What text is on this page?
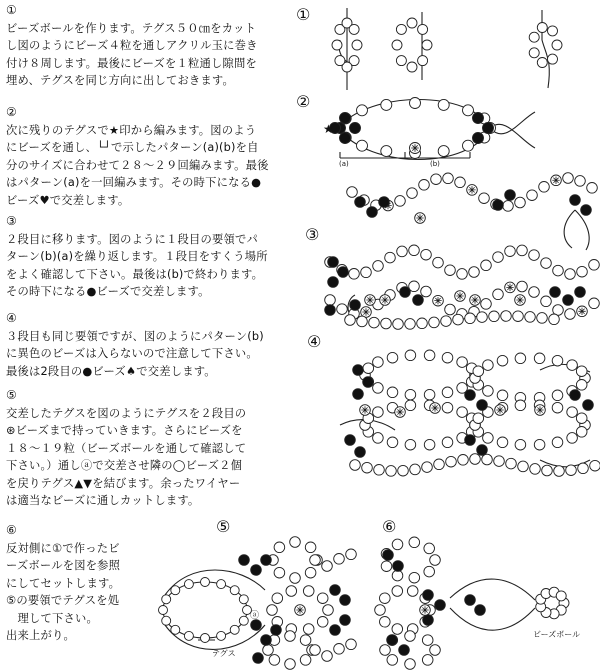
①
ビーズボールを作ります。テグス５０㎝をカット
し図のようにビーズ４粒を通しアクリル玉に巻き
付け８周します。最後にビーズを１粒通し隙間を
埋め、テグスを同じ方向に出しておきます。
②
次に残りのテグスで★印から編みます。図のよう
にビーズを通し、└┘で示したパターン(a)(b)を自
分のサイズに合わせて２８～２９回編みます。最後
はパターン(a)を一回編みます。その時下になる●
ビーズ♥で交差します。
③
２段目に移ります。図のように１段目の要領でパ
ターン(b)(a)を繰り返します。１段目をすくう場所
をよく確認して下さい。最後は(b)で終わります。
その時下になる●ビーズで交差します。
④
３段目も同じ要領ですが、図のようにパターン(b)
に異色のビーズは入らないので注意して下さい。
最後は2段目の●ビーズ♠で交差します。
⑤
交差したテグスを図のようにテグスを２段目の
⊛ビーズまで持っていきます。さらにビーズを
１８～１９粒（ビーズボールを通して確認して
下さい。）通しⓐで交差させ隣の◯ビーズ２個
を戻りテグス▲▼を結びます。余ったワイヤー
は適当なビーズに通しカットします。
⑥
反対側に①で作ったビ
ーズボールを図を参照
にしてセットします。
⑤の要領でテグスを処
　理して下さい。
出来上がり。
①
②
③
④
⑤	⑥
★
(a)	(b)
テグス
ⓐ
ビーズボール
